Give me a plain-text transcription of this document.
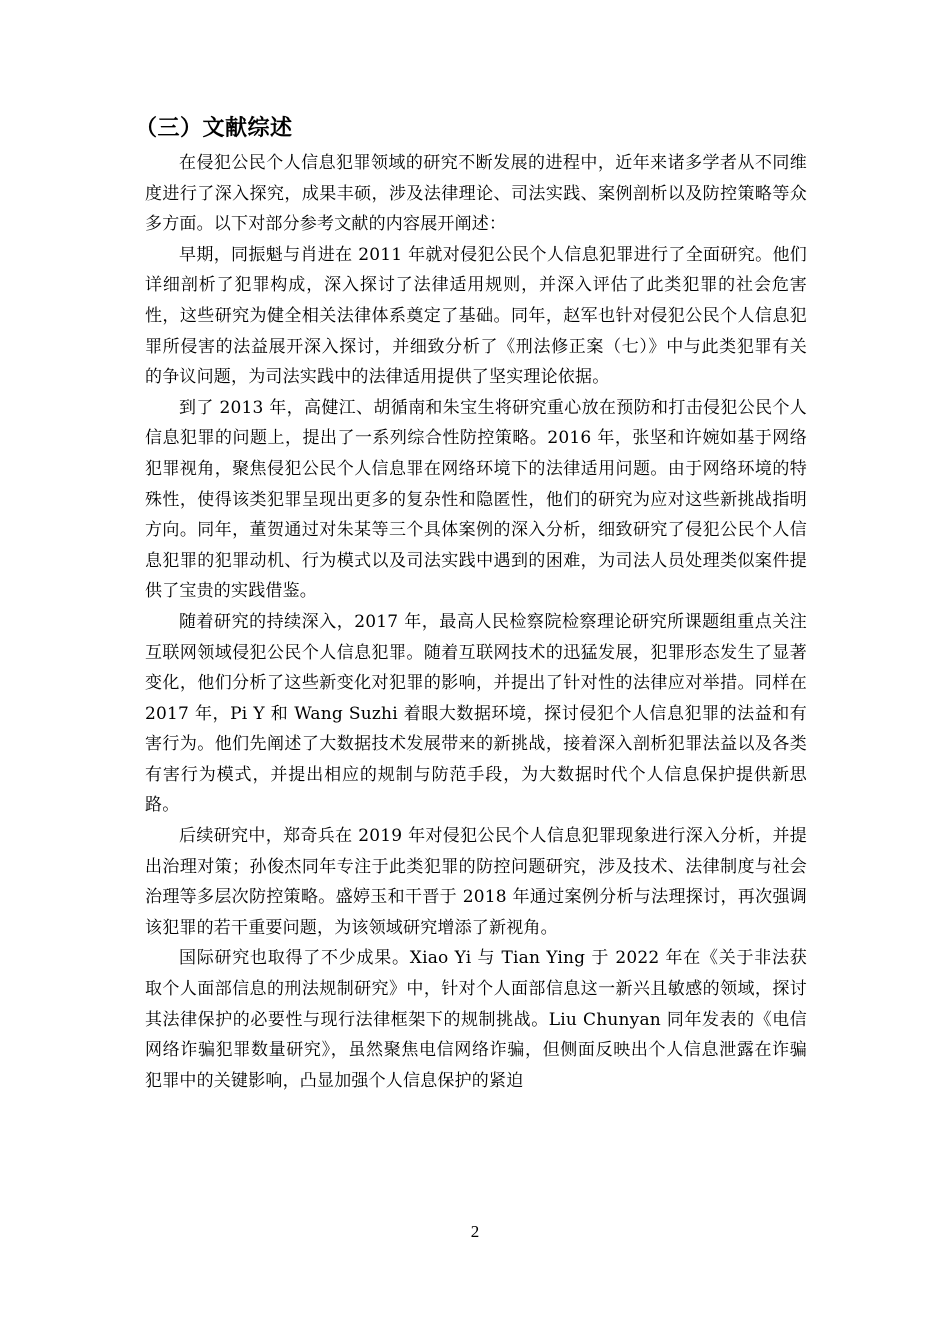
（三）文献综述

在侵犯公民个人信息犯罪领域的研究不断发展的进程中，近年来诸多学者从不同维度进行了深入探究，成果丰硕，涉及法律理论、司法实践、案例剖析以及防控策略等众多方面。以下对部分参考文献的内容展开阐述：

早期，同振魁与肖进在 2011 年就对侵犯公民个人信息犯罪进行了全面研究。他们详细剖析了犯罪构成，深入探讨了法律适用规则，并深入评估了此类犯罪的社会危害性，这些研究为健全相关法律体系奠定了基础。同年，赵军也针对侵犯公民个人信息犯罪所侵害的法益展开深入探讨，并细致分析了《刑法修正案（七）》中与此类犯罪有关的争议问题，为司法实践中的法律适用提供了坚实理论依据。

到了 2013 年，高健江、胡循南和朱宝生将研究重心放在预防和打击侵犯公民个人信息犯罪的问题上，提出了一系列综合性防控策略。2016 年，张坚和许婉如基于网络犯罪视角，聚焦侵犯公民个人信息罪在网络环境下的法律适用问题。由于网络环境的特殊性，使得该类犯罪呈现出更多的复杂性和隐匿性，他们的研究为应对这些新挑战指明方向。同年，董贺通过对朱某等三个具体案例的深入分析，细致研究了侵犯公民个人信息犯罪的犯罪动机、行为模式以及司法实践中遇到的困难，为司法人员处理类似案件提供了宝贵的实践借鉴。

随着研究的持续深入，2017 年，最高人民检察院检察理论研究所课题组重点关注互联网领域侵犯公民个人信息犯罪。随着互联网技术的迅猛发展，犯罪形态发生了显著变化，他们分析了这些新变化对犯罪的影响，并提出了针对性的法律应对举措。同样在 2017 年，Pi Y 和 Wang Suzhi 着眼大数据环境，探讨侵犯个人信息犯罪的法益和有害行为。他们先阐述了大数据技术发展带来的新挑战，接着深入剖析犯罪法益以及各类有害行为模式，并提出相应的规制与防范手段，为大数据时代个人信息保护提供新思路。

后续研究中，郑奇兵在 2019 年对侵犯公民个人信息犯罪现象进行深入分析，并提出治理对策；孙俊杰同年专注于此类犯罪的防控问题研究，涉及技术、法律制度与社会治理等多层次防控策略。盛婷玉和干晋于 2018 年通过案例分析与法理探讨，再次强调该犯罪的若干重要问题，为该领域研究增添了新视角。

国际研究也取得了不少成果。Xiao Yi 与 Tian Ying 于 2022 年在《关于非法获取个人面部信息的刑法规制研究》中，针对个人面部信息这一新兴且敏感的领域，探讨其法律保护的必要性与现行法律框架下的规制挑战。Liu Chunyan 同年发表的《电信网络诈骗犯罪数量研究》，虽然聚焦电信网络诈骗，但侧面反映出个人信息泄露在诈骗犯罪中的关键影响，凸显加强个人信息保护的紧迫

2
